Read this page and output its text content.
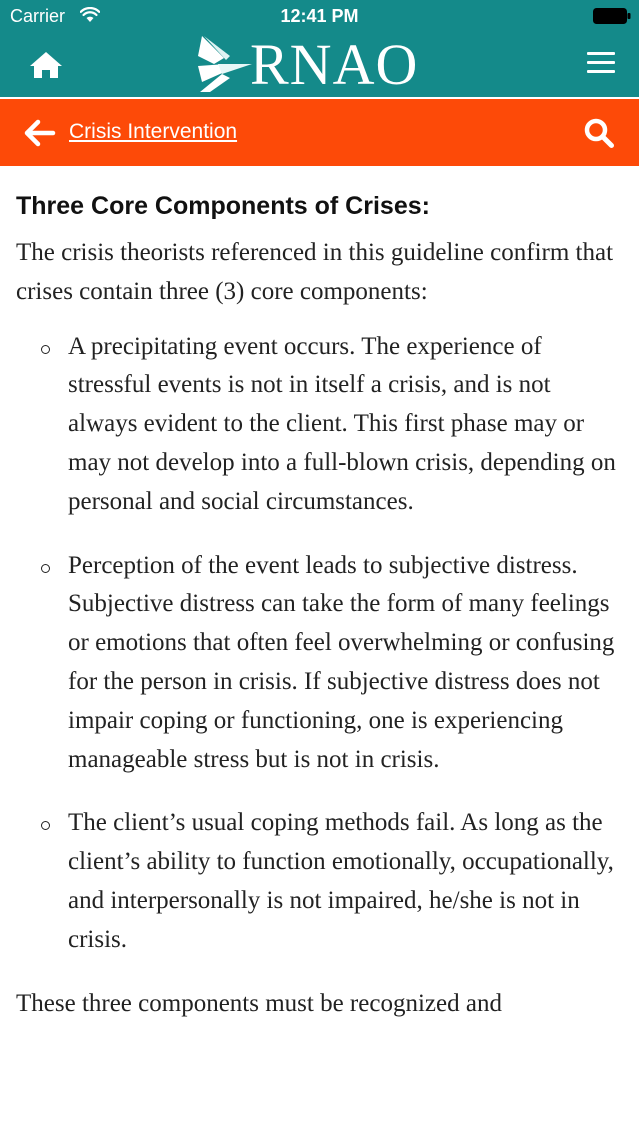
Carrier	12:41 PM
RNAO
Crisis Intervention
Three Core Components of Crises:

The crisis theorists referenced in this guideline confirm that crises contain three (3) core components:

A precipitating event occurs. The experience of stressful events is not in itself a crisis, and is not always evident to the client. This first phase may or may not develop into a full-blown crisis, depending on personal and social circumstances.
Perception of the event leads to subjective distress. Subjective distress can take the form of many feelings or emotions that often feel overwhelming or confusing for the person in crisis. If subjective distress does not impair coping or functioning, one is experiencing manageable stress but is not in crisis.
The client’s usual coping methods fail. As long as the client’s ability to function emotionally, occupationally, and interpersonally is not impaired, he/she is not in crisis.

These three components must be recognized and
